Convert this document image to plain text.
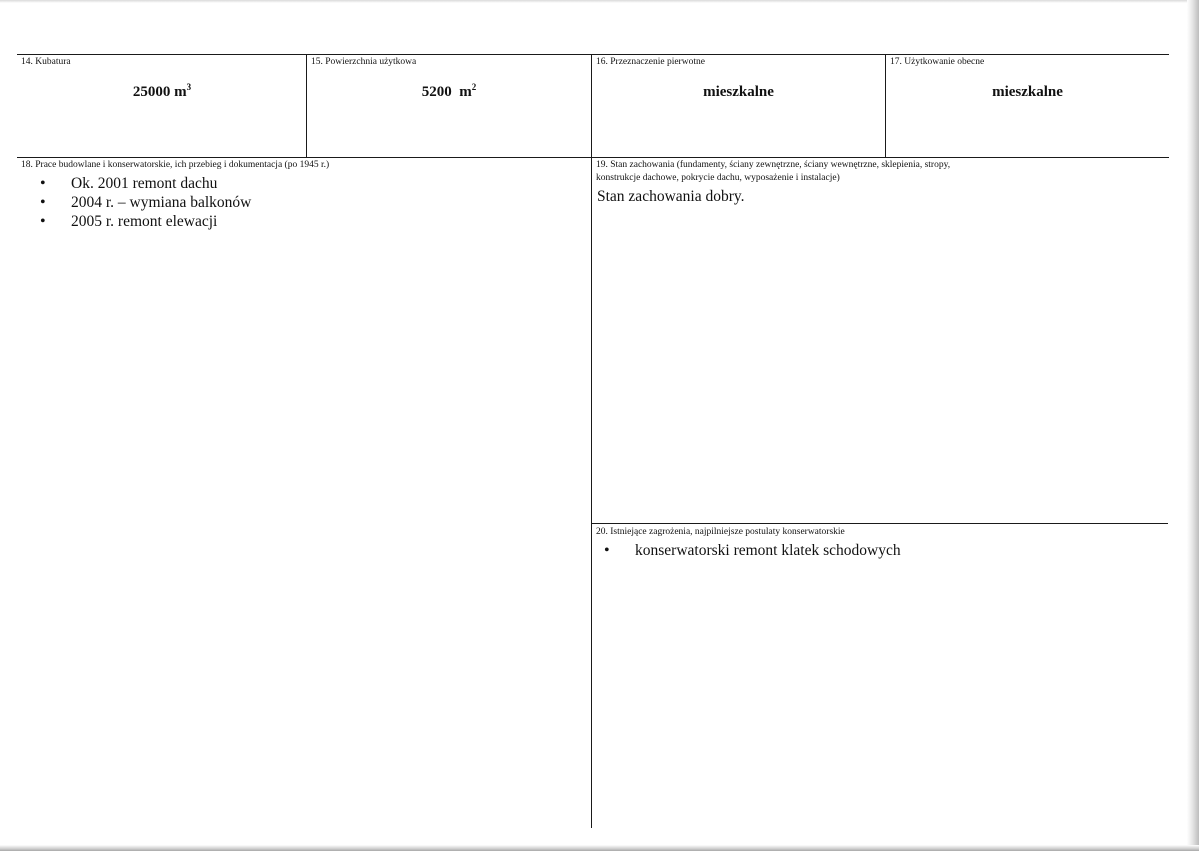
14. Kubatura
25000 $m^3$
15. Powierzchnia użytkowa
5200  $m^2$
16. Przeznaczenie pierwotne
mieszkalne
17. Użytkowanie obecne
mieszkalne
18. Prace budowlane i konserwatorskie, ich przebieg i dokumentacja (po 1945 r.)
• Ok. 2001 remont dachu
• 2004 r. – wymiana balkonów
• 2005 r. remont elewacji
19. Stan zachowania (fundamenty, ściany zewnętrzne, ściany wewnętrzne, sklepienia, stropy,
konstrukcje dachowe, pokrycie dachu, wyposażenie i instalacje)
Stan zachowania dobry.
20. Istniejące zagrożenia, najpilniejsze postulaty konserwatorskie
• konserwatorski remont klatek schodowych
